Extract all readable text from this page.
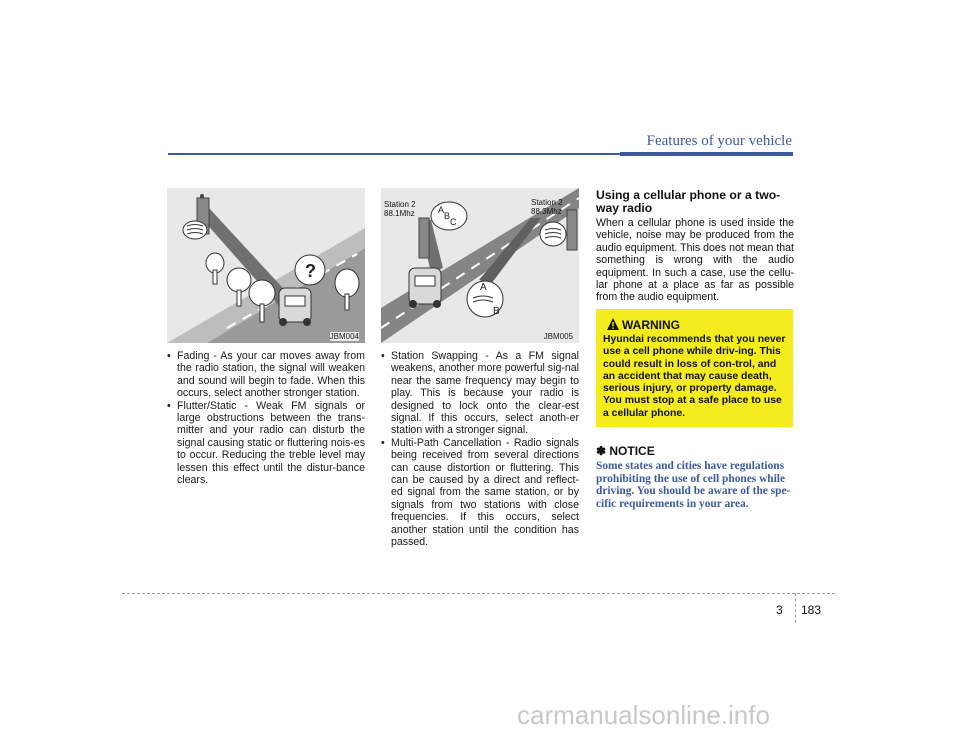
Features of your vehicle
?
JBM004
A
B
C
A
B
Station 2
88.1Mhz
Station 2
88.3Mhz
JBM005

• Fading - As your car moves away from the radio station, the signal will weaken and sound will begin to fade. When this occurs, select another stronger station.

• Flutter/Static - Weak FM signals or large obstructions between the trans-mitter and your radio can disturb the signal causing static or fluttering nois-es to occur. Reducing the treble level may lessen this effect until the distur-bance clears.

• Station Swapping - As a FM signal weakens, another more powerful sig-nal near the same frequency may begin to play. This is because your radio is designed to lock onto the clear-est signal. If this occurs, select anoth-er station with a stronger signal.

• Multi-Path Cancellation - Radio signals being received from several directions can cause distortion or fluttering. This can be caused by a direct and reflect-ed signal from the same station, or by signals from two stations with close frequencies. If this occurs, select another station until the condition has passed.

Using a cellular phone or a two-way radio
When a cellular phone is used inside the vehicle, noise may be produced from the audio equipment. This does not mean that something is wrong with the audio equipment. In such a case, use the cellu-lar phone at a place as far as possible from the audio equipment.
WARNING
Hyundai recommends that you never use a cell phone while driv-ing. This could result in loss of con-trol, and an accident that may cause death, serious injury, or property damage. You must stop at a safe place to use a cellular phone.
✽ NOTICE
Some states and cities have regulations prohibiting the use of cell phones while driving. You should be aware of the spe-cific requirements in your area.
3 183
carmanualsonline.info
